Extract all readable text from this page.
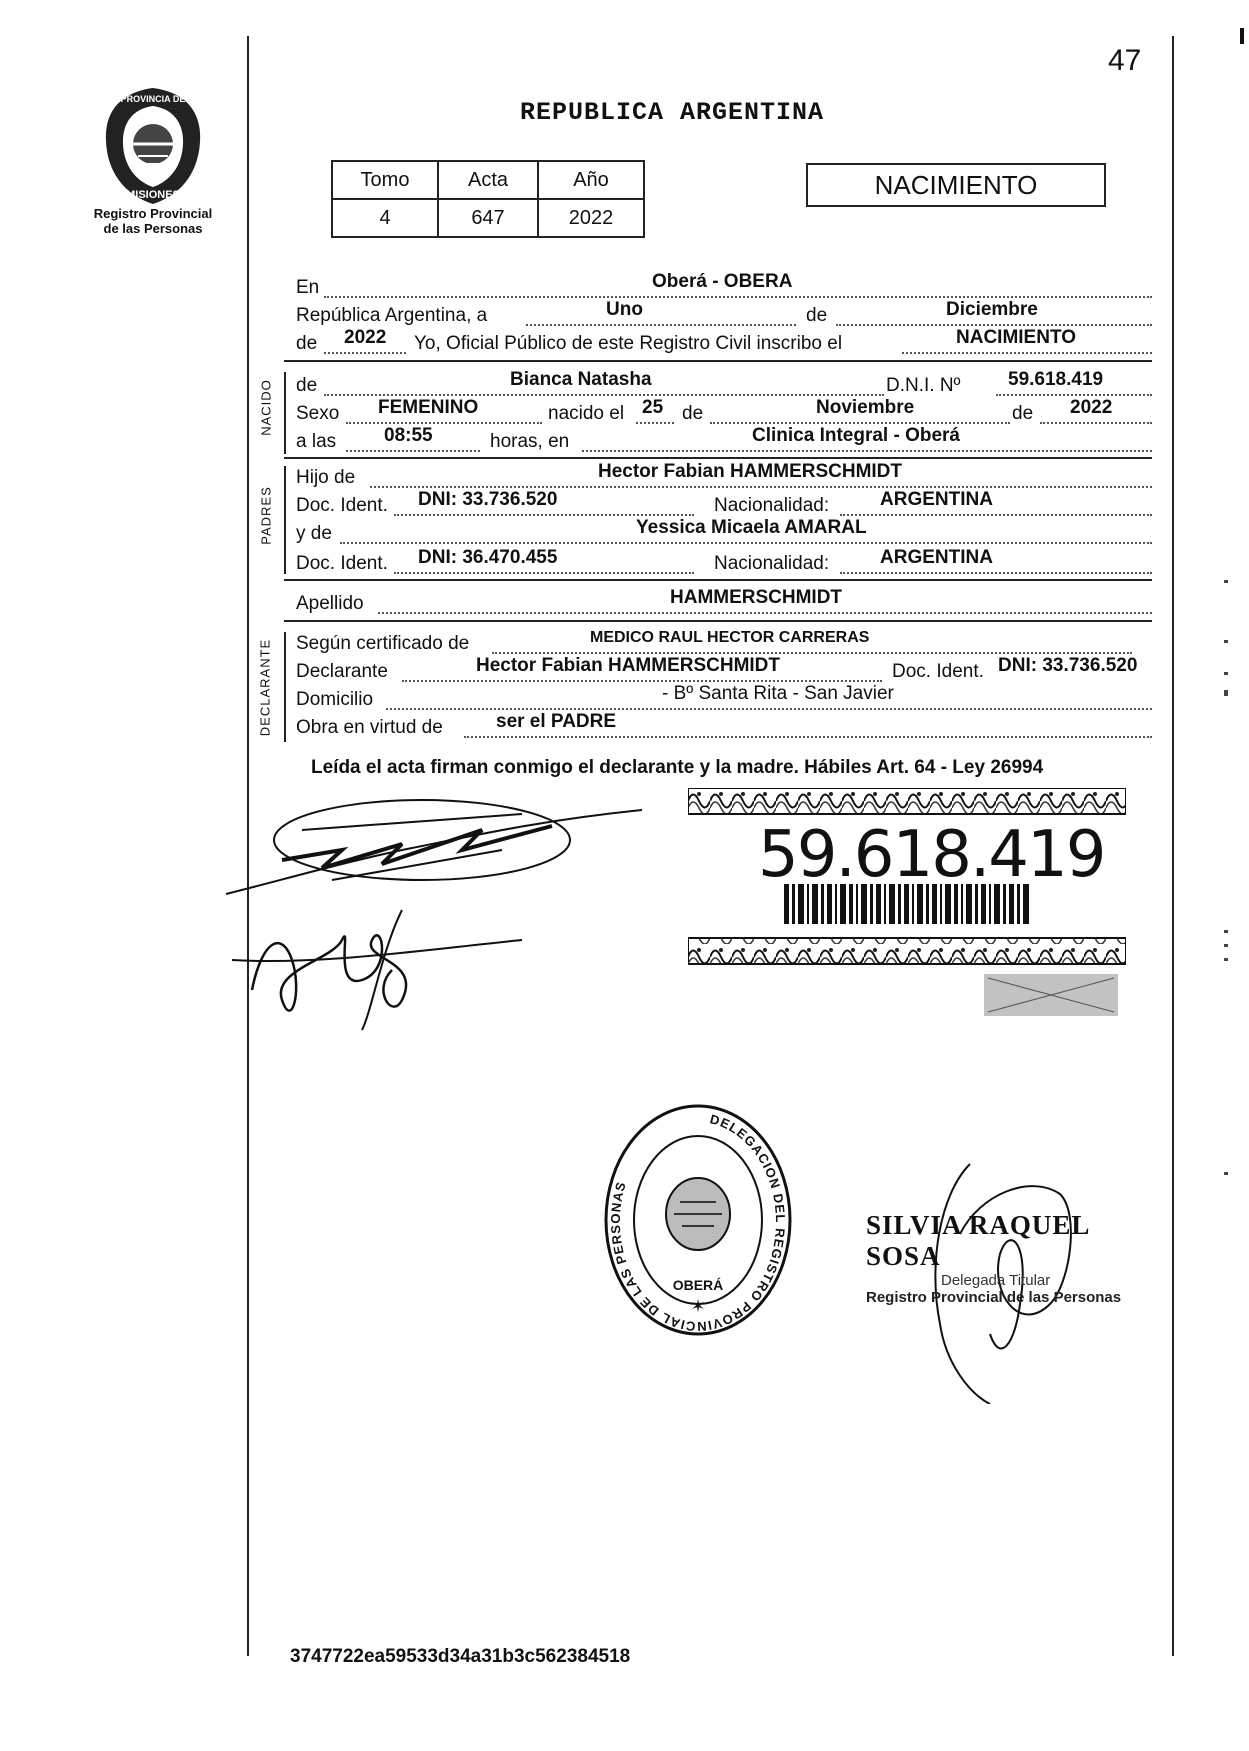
PROVINCIA DE
MISIONES
Registro Provincial
de las Personas
47
REPUBLICA ARGENTINA
Tomo	Acta	Año
4	647	2022
NACIMIENTO
En	Oberá - OBERA
República Argentina, a	Uno	de	Diciembre
de 2022 Yo, Oficial Público de este Registro Civil inscribo el	NACIMIENTO
NACIDO de	Bianca Natasha	D.N.I. Nº	59.618.419
Sexo FEMENINO	nacido el 25 de	Noviembre	de 2022
a las	08:55	horas, en	Clinica Integral - Oberá
PADRES
Hijo de	Hector Fabian HAMMERSCHMIDT
Doc. Ident. DNI: 33.736.520	Nacionalidad:	ARGENTINA
y de	Yessica Micaela AMARAL
Doc. Ident. DNI: 36.470.455	Nacionalidad:	ARGENTINA
Apellido	HAMMERSCHMIDT
DECLARANTE Según certificado de	MEDICO RAUL HECTOR CARRERAS
Declarante	Hector Fabian HAMMERSCHMIDT	Doc. Ident. DNI: 33.736.520
Domicilio	- Bº Santa Rita - San Javier
Obra en virtud de	ser el PADRE
Leída el acta firman conmigo el declarante y la madre. Hábiles Art. 64 - Ley 26994
59.618.419
DELEGACION DEL REGISTRO PROVINCIAL DE LAS PERSONAS
OBERÁ
✶
SILVIA RAQUEL SOSA
Delegada Titular
Registro Provincial de las Personas
3747722ea59533d34a31b3c562384518
